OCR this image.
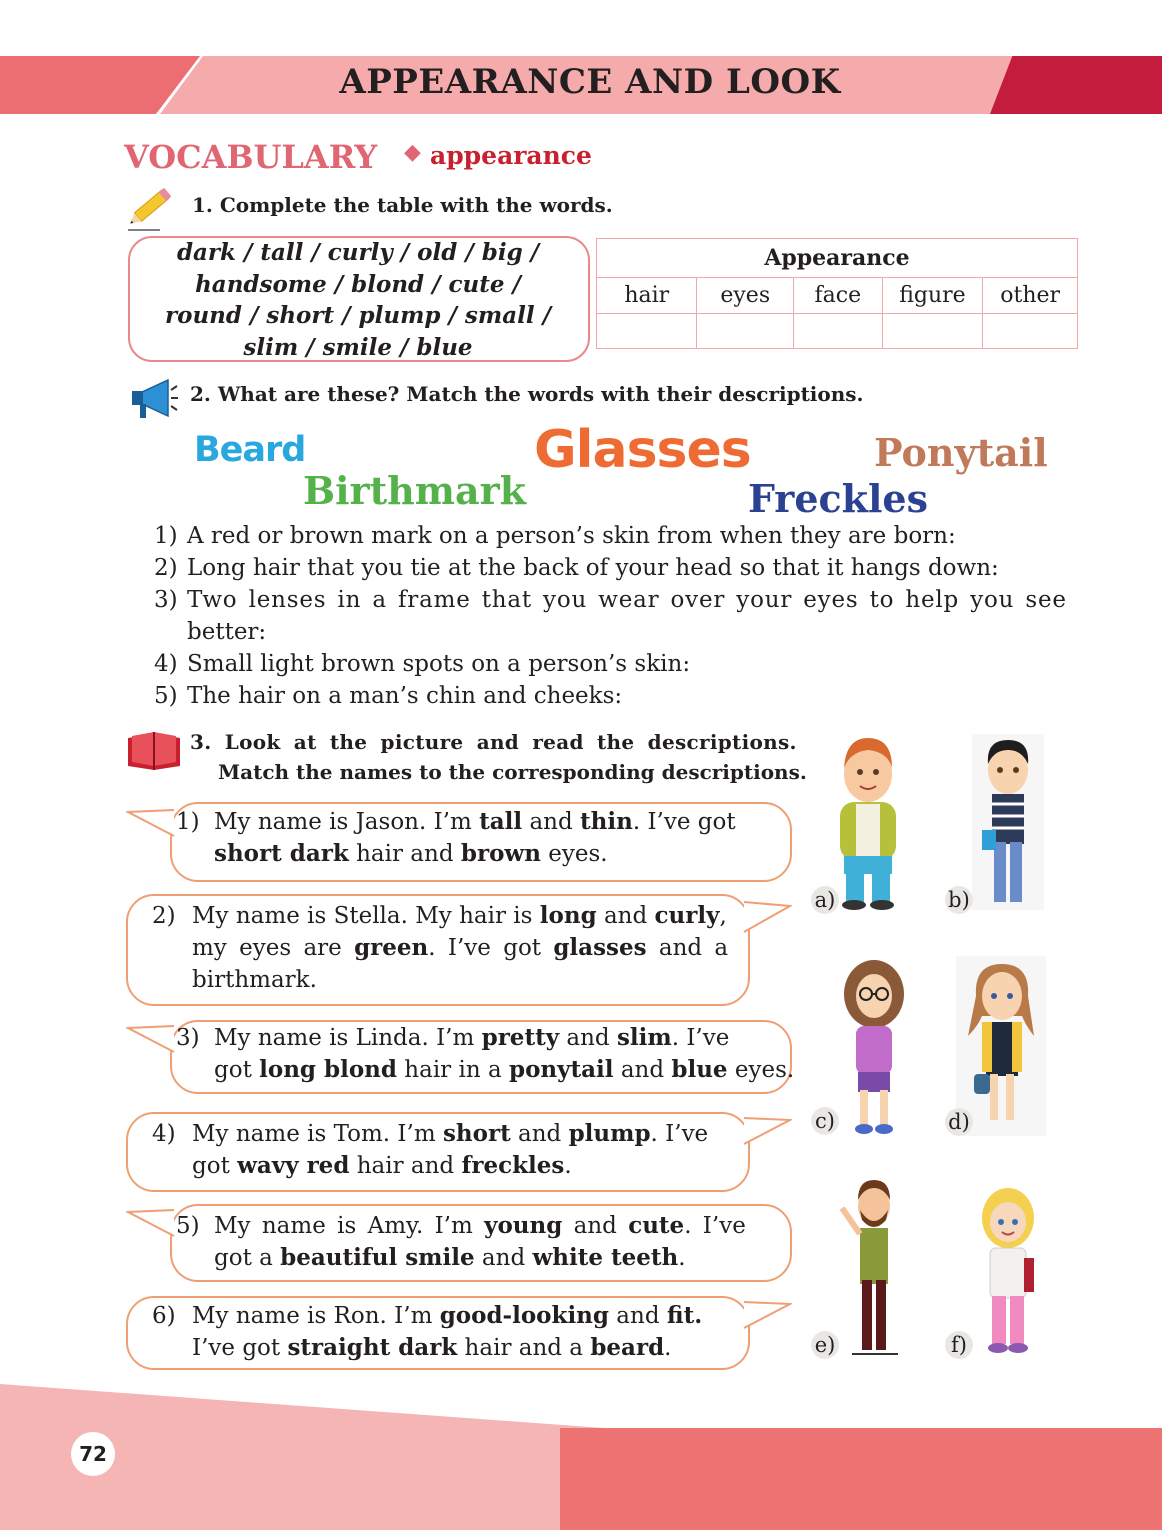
APPEARANCE AND LOOK
VOCABULARY ◆ appearance
1. Complete the table with the words.
dark / tall / curly / old / big /
handsome / blond / cute /
round / short / plump / small /
slim / smile / blue
Appearance				
hair	eyes	face	figure	other

2. What are these? Match the words with their descriptions.
Beard
Birthmark
Glasses	Ponytail
Freckles
1) A red or brown mark on a person’s skin from when they are born:
2) Long hair that you tie at the back of your head so that it hangs down:
3) Two lenses in a frame that you wear over your eyes to help you see
better:
4) Small light brown spots on a person’s skin:
5) The hair on a man’s chin and cheeks:
3. Look at the picture and read the descriptions.
Match the names to the corresponding descriptions.
1) My name is Jason. I’m tall and thin. I’ve got
short dark hair and brown eyes.
2) My name is Stella. My hair is long and curly,
my eyes are green. I’ve got glasses and a
birthmark.
3) My name is Linda. I’m pretty and slim. I’ve
got long blond hair in a ponytail and blue eyes.
4) My name is Tom. I’m short and plump. I’ve
got wavy red hair and freckles.
5) My name is Amy. I’m young and cute. I’ve
got a beautiful smile and white teeth.
6) My name is Ron. I’m good-looking and fit.
I’ve got straight dark hair and a beard.
a)	b)
c)	d)
e)	f)
72
